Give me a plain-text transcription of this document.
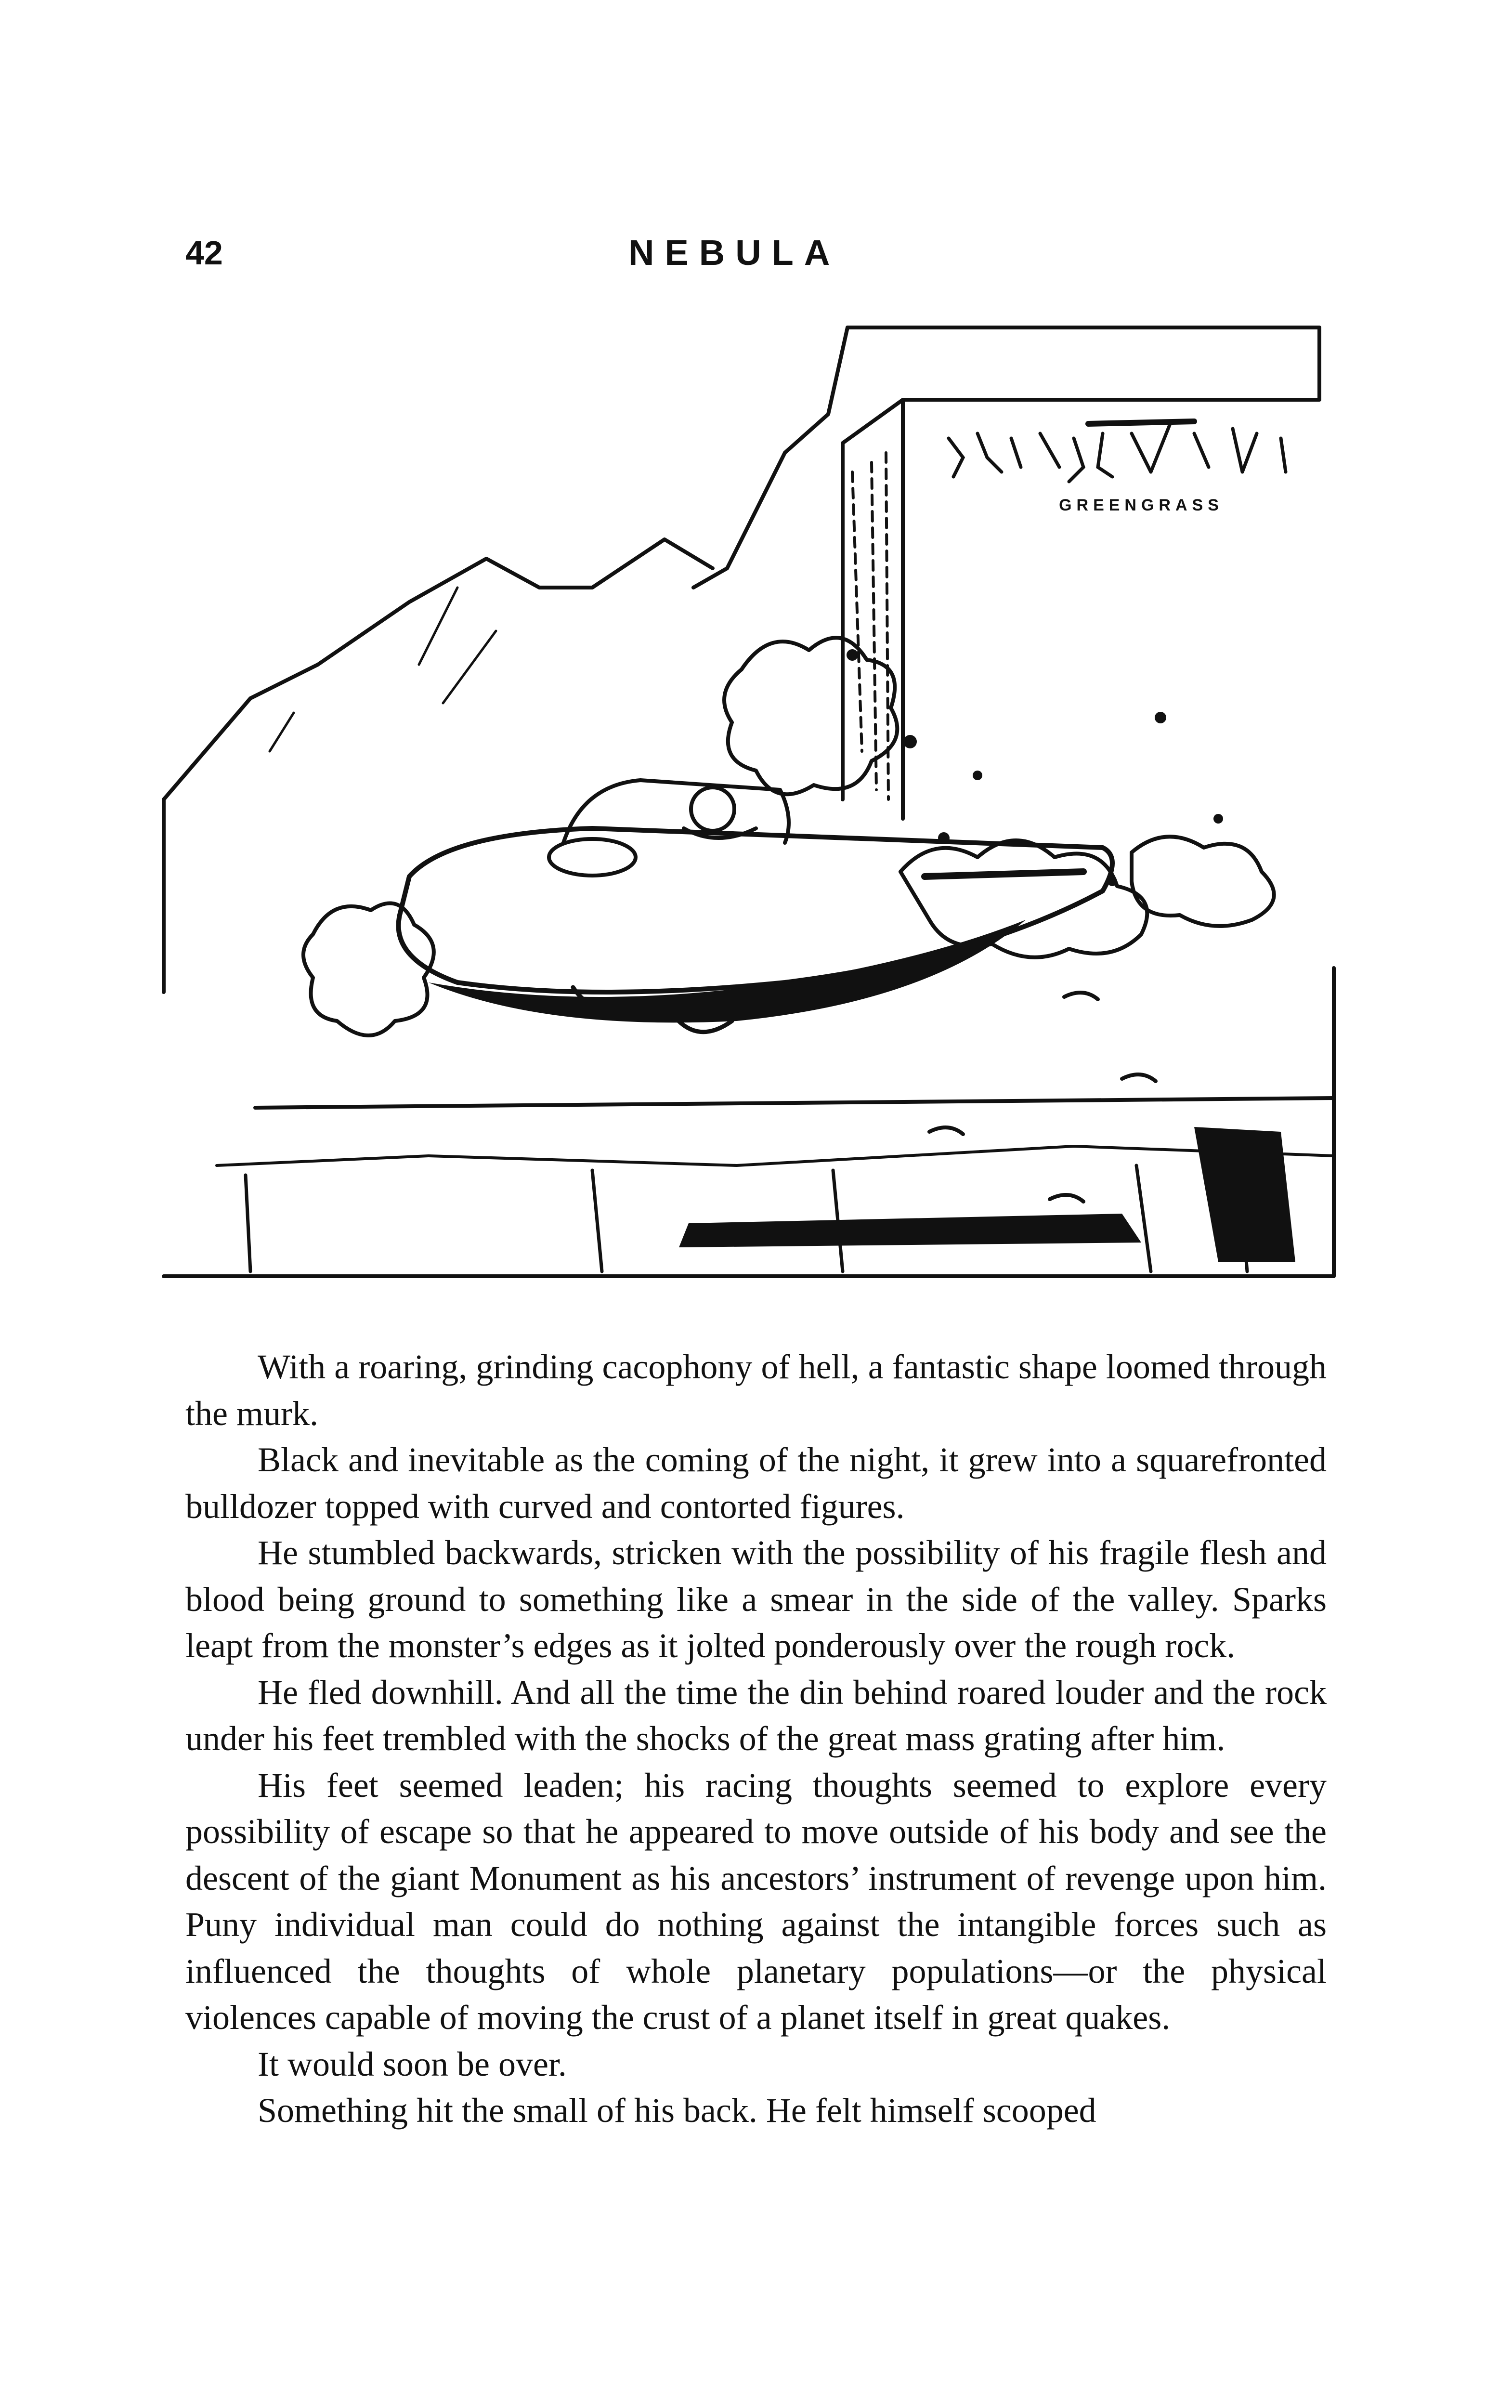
42	NEBULA
GREENGRASS

With a roaring, grinding cacophony of hell, a fantastic shape loomed through the murk.

Black and inevitable as the coming of the night, it grew into a squarefronted bulldozer topped with curved and contorted figures.

He stumbled backwards, stricken with the possibility of his fragile flesh and blood being ground to something like a smear in the side of the valley. Sparks leapt from the monster’s edges as it jolted ponderously over the rough rock.

He fled downhill. And all the time the din behind roared louder and the rock under his feet trembled with the shocks of the great mass grating after him.

His feet seemed leaden; his racing thoughts seemed to explore every possibility of escape so that he appeared to move outside of his body and see the descent of the giant Monument as his ancestors’ instrument of revenge upon him. Puny individual man could do nothing against the intangible forces such as influenced the thoughts of whole planetary populations—or the physical violences capable of moving the crust of a planet itself in great quakes.

It would soon be over.

Something hit the small of his back. He felt himself scooped
